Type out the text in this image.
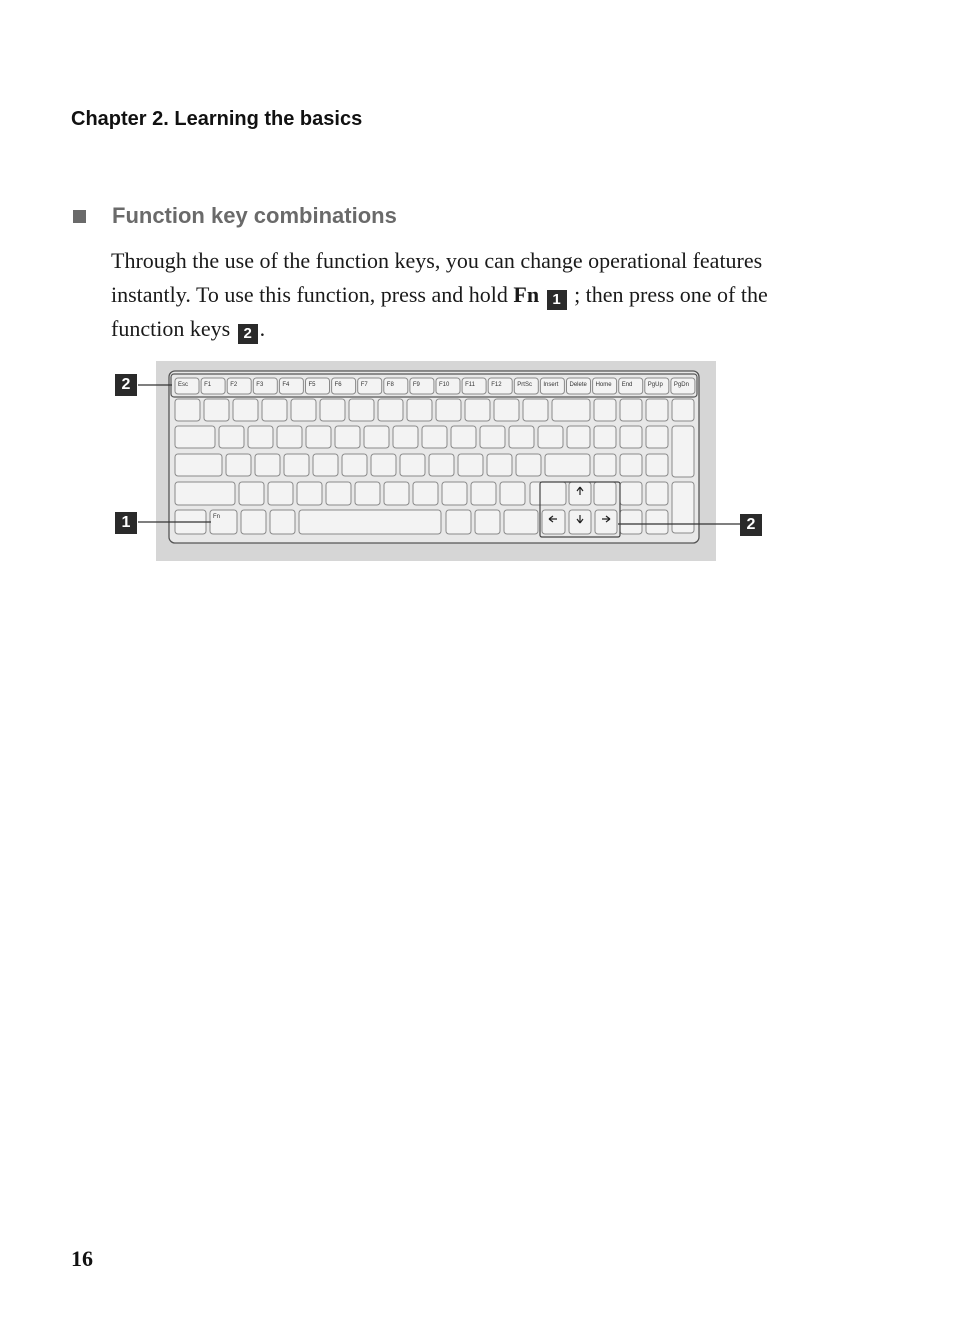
Chapter 2. Learning the basics
Function key combinations
Through the use of the function keys, you can change operational features instantly. To use this function, press and hold Fn 1 ; then press one of the function keys 2 .
Esc	F1	F2	F3	F4	F5	F6	F7	F8	F9	F10	F11	F12	PrtSc Insert Delete Home End	PgUp PgDn
Fn
2
1	2
16
